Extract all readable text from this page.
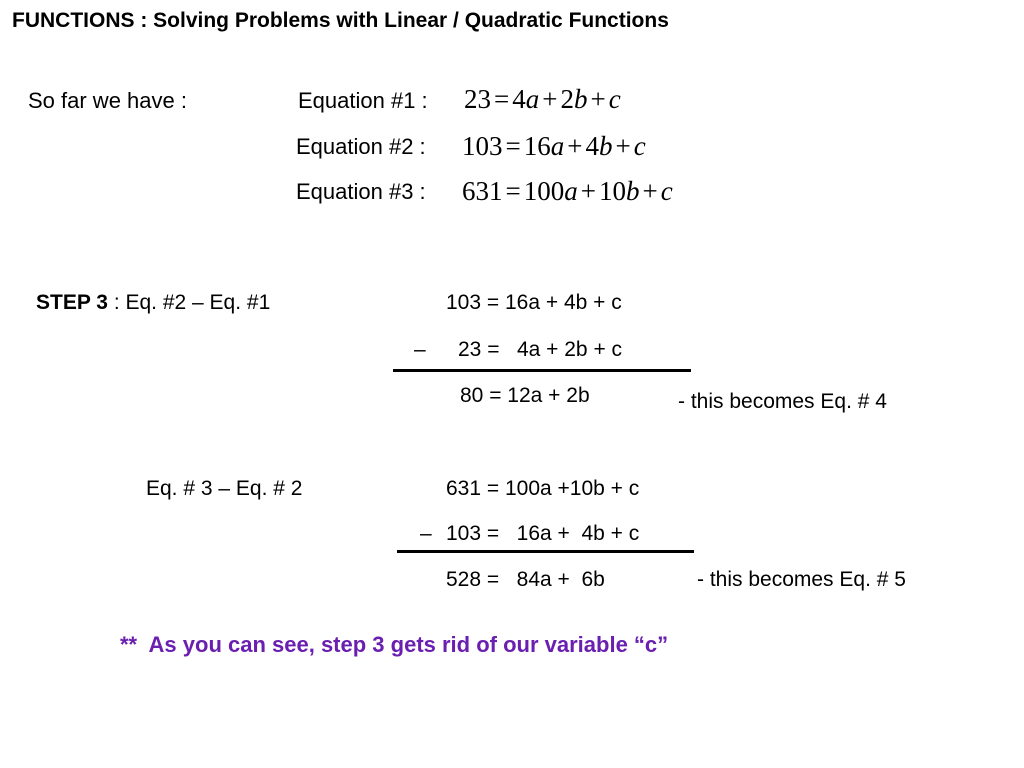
FUNCTIONS : Solving Problems with Linear / Quadratic Functions
So far we have :	Equation #1 : 23 = 4a + 2b + c
Equation #2 : 103 = 16a + 4b + c
Equation #3 : 631 = 100a + 10b + c
STEP 3 : Eq. #2 – Eq. #1	103 = 16a + 4b + c
– 23 =   4a + 2b + c
80 = 12a + 2b	- this becomes Eq. # 4
Eq. # 3 – Eq. # 2	631 = 100a +10b + c
– 103 =   16a +  4b + c
528 =   84a +  6b	- this becomes Eq. # 5
**  As you can see, step 3 gets rid of our variable “c”
